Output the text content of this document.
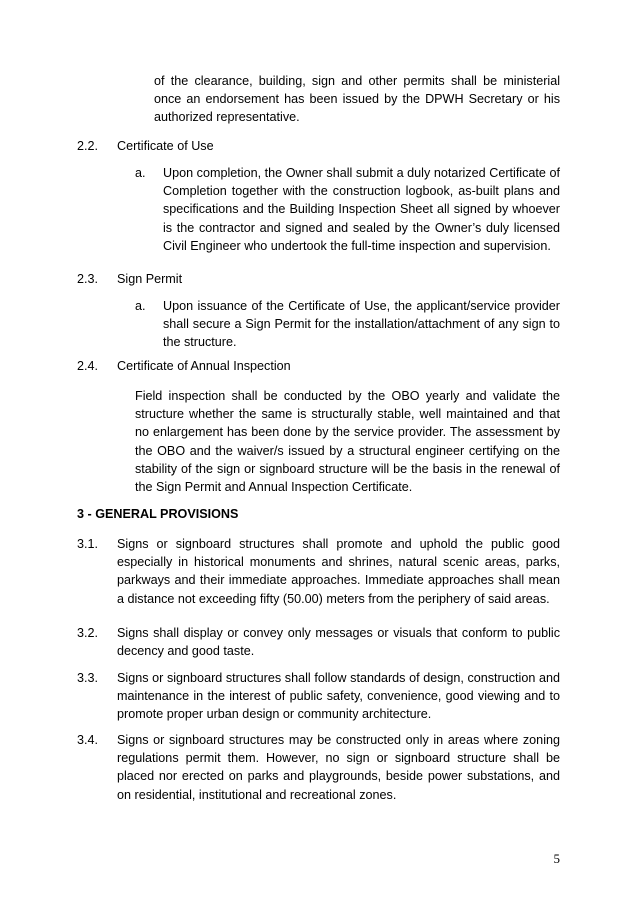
of the clearance, building, sign and other permits shall be ministerial once an endorsement has been issued by the DPWH Secretary or his authorized representative.

2.2. Certificate of Use

a. Upon completion, the Owner shall submit a duly notarized Certificate of Completion together with the construction logbook, as-built plans and specifications and the Building Inspection Sheet all signed by whoever is the contractor and signed and sealed by the Owner’s duly licensed Civil Engineer who undertook the full-time inspection and supervision.

2.3. Sign Permit

a. Upon issuance of the Certificate of Use, the applicant/service provider shall secure a Sign Permit for the installation/attachment of any sign to the structure.

2.4. Certificate of Annual Inspection

Field inspection shall be conducted by the OBO yearly and validate the structure whether the same is structurally stable, well maintained and that no enlargement has been done by the service provider. The assessment by the OBO and the waiver/s issued by a structural engineer certifying on the stability of the sign or signboard structure will be the basis in the renewal of the Sign Permit and Annual Inspection Certificate.

3 - GENERAL PROVISIONS

3.1. Signs or signboard structures shall promote and uphold the public good especially in historical monuments and shrines, natural scenic areas, parks, parkways and their immediate approaches. Immediate approaches shall mean a distance not exceeding fifty (50.00) meters from the periphery of said areas.

3.2. Signs shall display or convey only messages or visuals that conform to public decency and good taste.

3.3. Signs or signboard structures shall follow standards of design, construction and maintenance in the interest of public safety, convenience, good viewing and to promote proper urban design or community architecture.

3.4. Signs or signboard structures may be constructed only in areas where zoning regulations permit them. However, no sign or signboard structure shall be placed nor erected on parks and playgrounds, beside power substations, and on residential, institutional and recreational zones.

5
